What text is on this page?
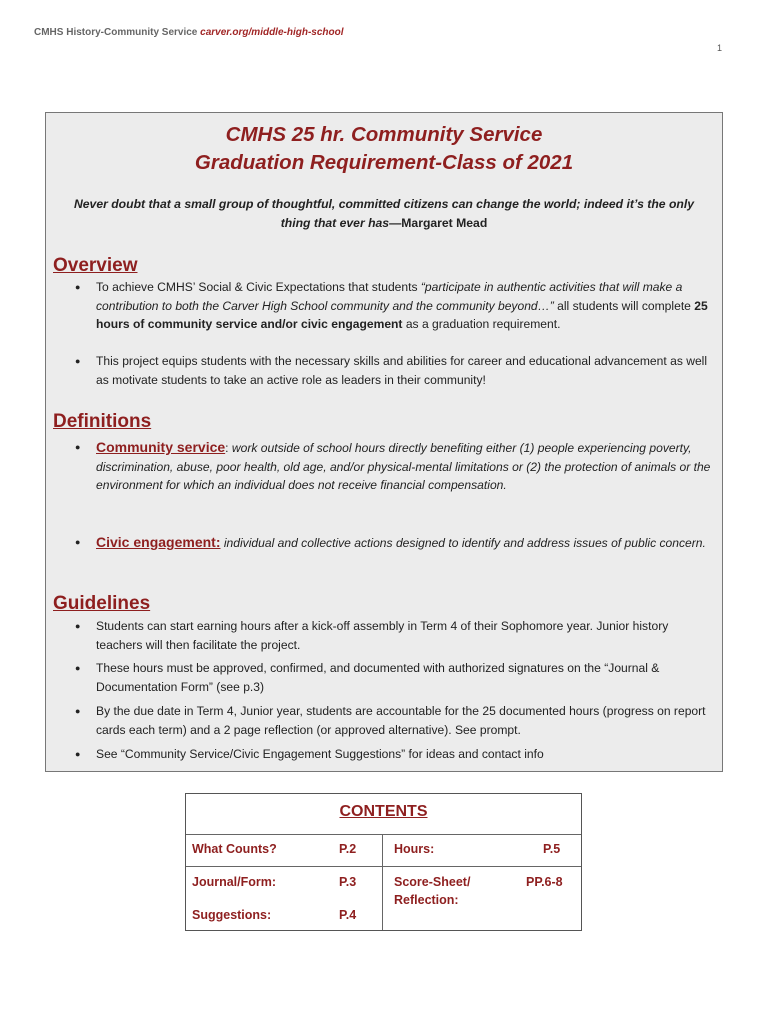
CMHS History-Community Service carver.org/middle-high-school
1
CMHS 25 hr. Community Service
Graduation Requirement-Class of 2021
Never doubt that a small group of thoughtful, committed citizens can change the world; indeed it’s the only thing that ever has—Margaret Mead
Overview
● To achieve CMHS’ Social & Civic Expectations that students “participate in authentic activities that will make a contribution to both the Carver High School community and the community beyond…” all students will complete 25 hours of community service and/or civic engagement as a graduation requirement.
● This project equips students with the necessary skills and abilities for career and educational advancement as well as motivate students to take an active role as leaders in their community!
Definitions
● Community service: work outside of school hours directly benefiting either (1) people experiencing poverty, discrimination, abuse, poor health, old age, and/or physical-mental limitations or (2) the protection of animals or the environment for which an individual does not receive financial compensation.
● Civic engagement: individual and collective actions designed to identify and address issues of public concern.
Guidelines
● Students can start earning hours after a kick-off assembly in Term 4 of their Sophomore year. Junior history teachers will then facilitate the project.
● These hours must be approved, confirmed, and documented with authorized signatures on the “Journal & Documentation Form” (see p.3)
● By the due date in Term 4, Junior year, students are accountable for the 25 documented hours (progress on report cards each term) and a 2 page reflection (or approved alternative). See prompt.
● See “Community Service/Civic Engagement Suggestions” for ideas and contact info
CONTENTS
What Counts?	P.2
Journal/Form:	P.3
Suggestions:	P.4
Hours:	P.5
Score-Sheet/ Reflection:
PP.6-8
